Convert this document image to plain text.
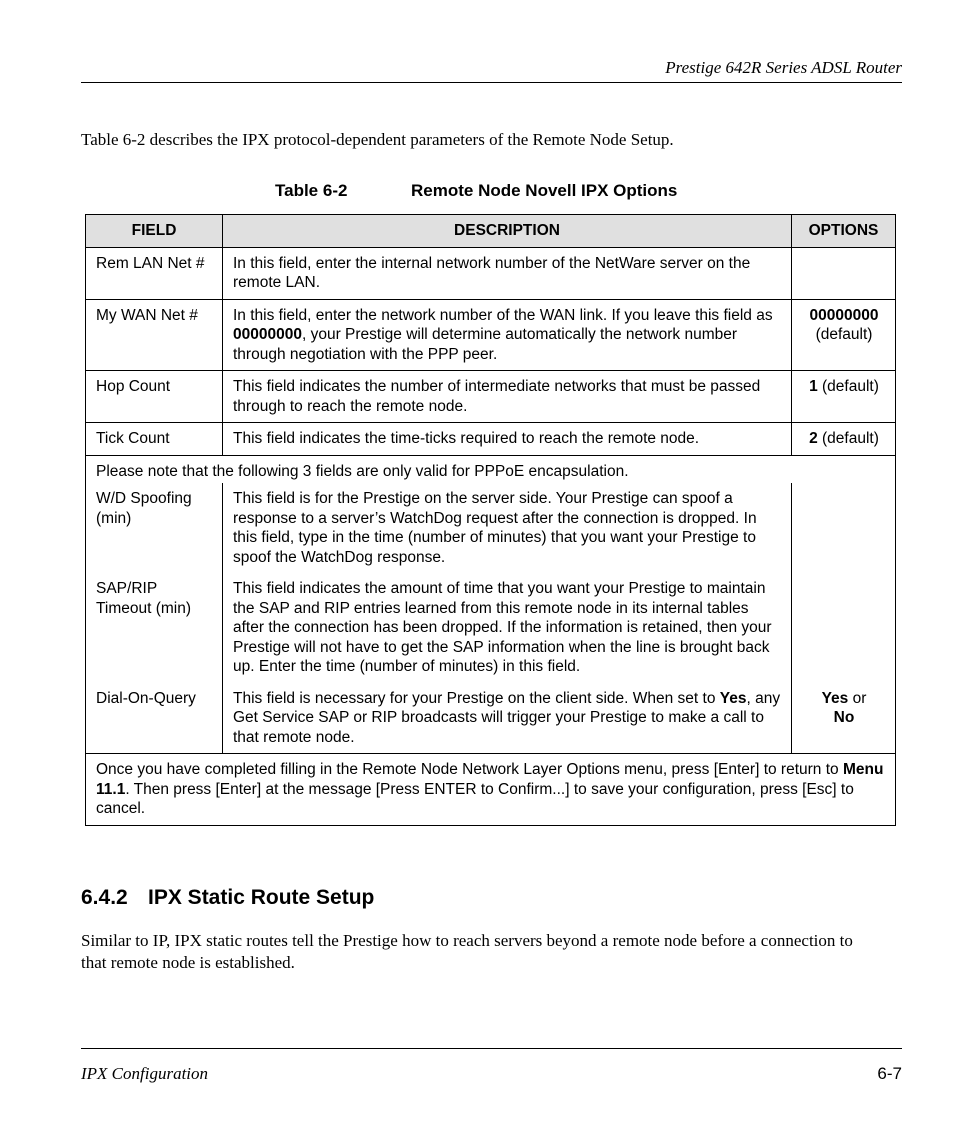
Prestige 642R Series ADSL Router
Table 6-2 describes the IPX protocol-dependent parameters of the Remote Node Setup.
Table 6-2	Remote Node Novell IPX Options
FIELD	DESCRIPTION	OPTIONS
Rem LAN Net #	In this field, enter the internal network number of the NetWare server on the remote LAN.	
My WAN Net #	In this field, enter the network number of the WAN link. If you leave this field as 00000000, your Prestige will determine automatically the network number through negotiation with the PPP peer.	00000000
(default)
Hop Count	This field indicates the number of intermediate networks that must be passed through to reach the remote node.	1 (default)
Tick Count	This field indicates the time-ticks required to reach the remote node.	2 (default)
Please note that the following 3 fields are only valid for PPPoE encapsulation.		
W/D Spoofing (min)	This field is for the Prestige on the server side. Your Prestige can spoof a response to a server’s WatchDog request after the connection is dropped. In this field, type in the time (number of minutes) that you want your Prestige to spoof the WatchDog response.	
SAP/RIP Timeout (min)	This field indicates the amount of time that you want your Prestige to maintain the SAP and RIP entries learned from this remote node in its internal tables after the connection has been dropped. If the information is retained, then your Prestige will not have to get the SAP information when the line is brought back up. Enter the time (number of minutes) in this field.	
Dial-On-Query	This field is necessary for your Prestige on the client side. When set to Yes, any Get Service SAP or RIP broadcasts will trigger your Prestige to make a call to that remote node.	Yes or
No
Once you have completed filling in the Remote Node Network Layer Options menu, press [Enter] to return to Menu 11.1. Then press [Enter] at the message [Press ENTER to Confirm...] to save your configuration, press [Esc] to cancel.		
6.4.2 IPX Static Route Setup
Similar to IP, IPX static routes tell the Prestige how to reach servers beyond a remote node before a connection to that remote node is established.
IPX Configuration	6-7
